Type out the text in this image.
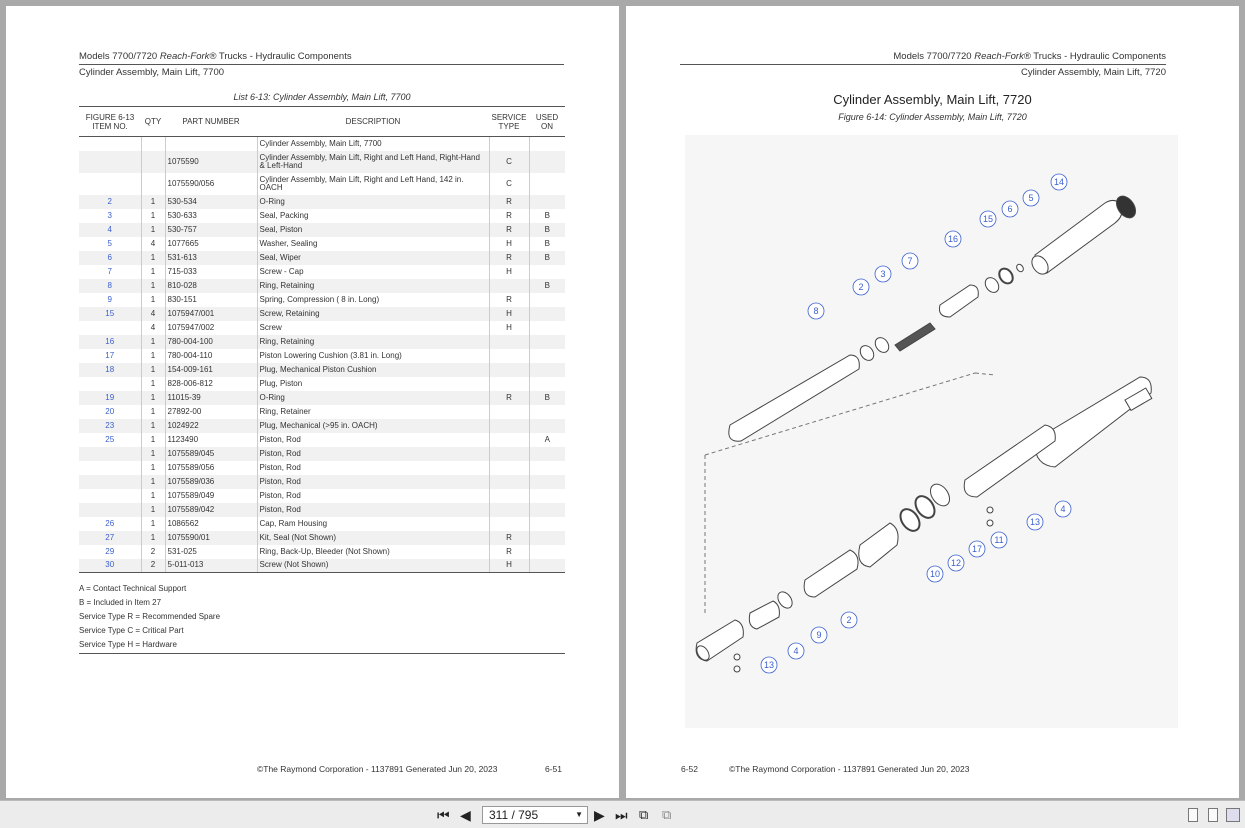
Models 7700/7720 Reach-Fork® Trucks - Hydraulic Components
Cylinder Assembly, Main Lift, 7700
List 6-13: Cylinder Assembly, Main Lift, 7700
FIGURE 6-13
ITEM NO.	QTY	PART NUMBER	DESCRIPTION	SERVICE
TYPE	USED
ON
			Cylinder Assembly, Main Lift, 7700		
		1075590	Cylinder Assembly, Main Lift, Right and Left Hand, Right-Hand & Left-Hand	C	
		1075590/056	Cylinder Assembly, Main Lift, Right and Left Hand, 142 in. OACH	C	
2	1	530-534	O-Ring	R	
3	1	530-633	Seal, Packing	R	B
4	1	530-757	Seal, Piston	R	B
5	4	1077665	Washer, Sealing	H	B
6	1	531-613	Seal, Wiper	R	B
7	1	715-033	Screw - Cap	H	
8	1	810-028	Ring, Retaining		B
9	1	830-151	Spring, Compression ( 8 in. Long)	R	
15	4	1075947/001	Screw, Retaining	H	
	4	1075947/002	Screw	H	
16	1	780-004-100	Ring, Retaining		
17	1	780-004-110	Piston Lowering Cushion (3.81 in. Long)		
18	1	154-009-161	Plug, Mechanical Piston Cushion		
	1	828-006-812	Plug, Piston		
19	1	11015-39	O-Ring	R	B
20	1	27892-00	Ring, Retainer		
23	1	1024922	Plug, Mechanical (>95 in. OACH)		
25	1	1123490	Piston, Rod		A
	1	1075589/045	Piston, Rod		
	1	1075589/056	Piston, Rod		
	1	1075589/036	Piston, Rod		
	1	1075589/049	Piston, Rod		
	1	1075589/042	Piston, Rod		
26	1	1086562	Cap, Ram Housing		
27	1	1075590/01	Kit, Seal (Not Shown)	R	
29	2	531-025	Ring, Back-Up, Bleeder (Not Shown)	R	
30	2	5-011-013	Screw (Not Shown)	H	
A = Contact Technical Support
B = Included in Item 27
Service Type R = Recommended Spare
Service Type C = Critical Part
Service Type H = Hardware
©The Raymond Corporation - 1137891 Generated Jun 20, 2023	6-51
Models 7700/7720 Reach-Fork® Trucks - Hydraulic Components
Cylinder Assembly, Main Lift, 7720
Cylinder Assembly, Main Lift, 7720
Figure 6-14: Cylinder Assembly, Main Lift, 7720
14
5
6
15
16
7
3
2
8
4
13
11
17
12
10
2
9
4
13
6-52	©The Raymond Corporation - 1137891 Generated Jun 20, 2023
⏮ ◀	311 / 795	▼ ▶ ⏭ ⧉ ⧉
